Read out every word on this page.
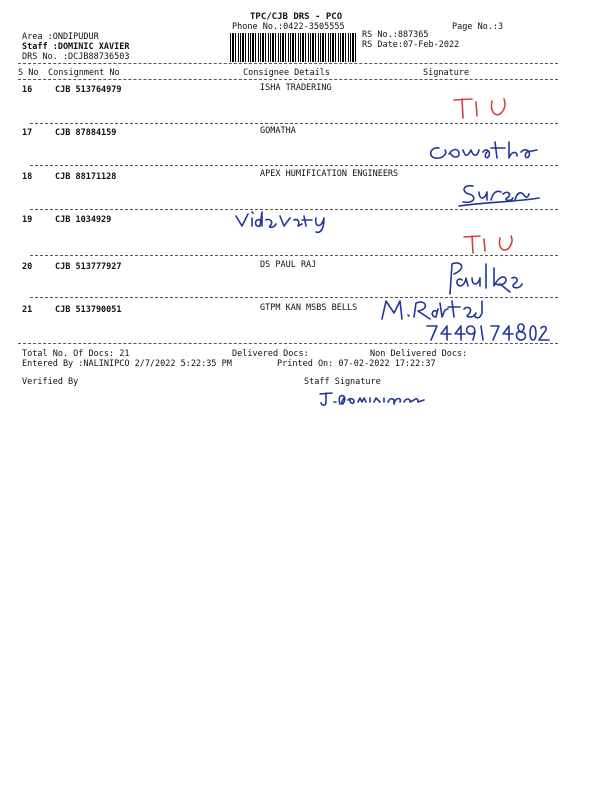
TPC/CJB DRS - PCO
Phone No.:0422-3505555	Page No.:3
Area :ONDIPUDUR
Staff :DOMINIC XAVIER
DRS No. :DCJB88736503
RS No.:887365
RS Date:07-Feb-2022
S No Consignment No	Consignee Details	Signature
16	CJB 513764979	ISHA TRADERING
17	CJB 87884159	GOMATHA
18	CJB 88171128	APEX HUMIFICATION ENGINEERS
19	CJB 1034929
20	CJB 513777927	DS PAUL RAJ
21	CJB 513790051	GTPM KAN MSBS BELLS
Total No. Of Docs: 21	Delivered Docs:	Non Delivered Docs:
Entered By :NALINIPCO 2/7/2022 5:22:35 PM	Printed On: 07-02-2022 17:22:37
Verified By	Staff Signature
